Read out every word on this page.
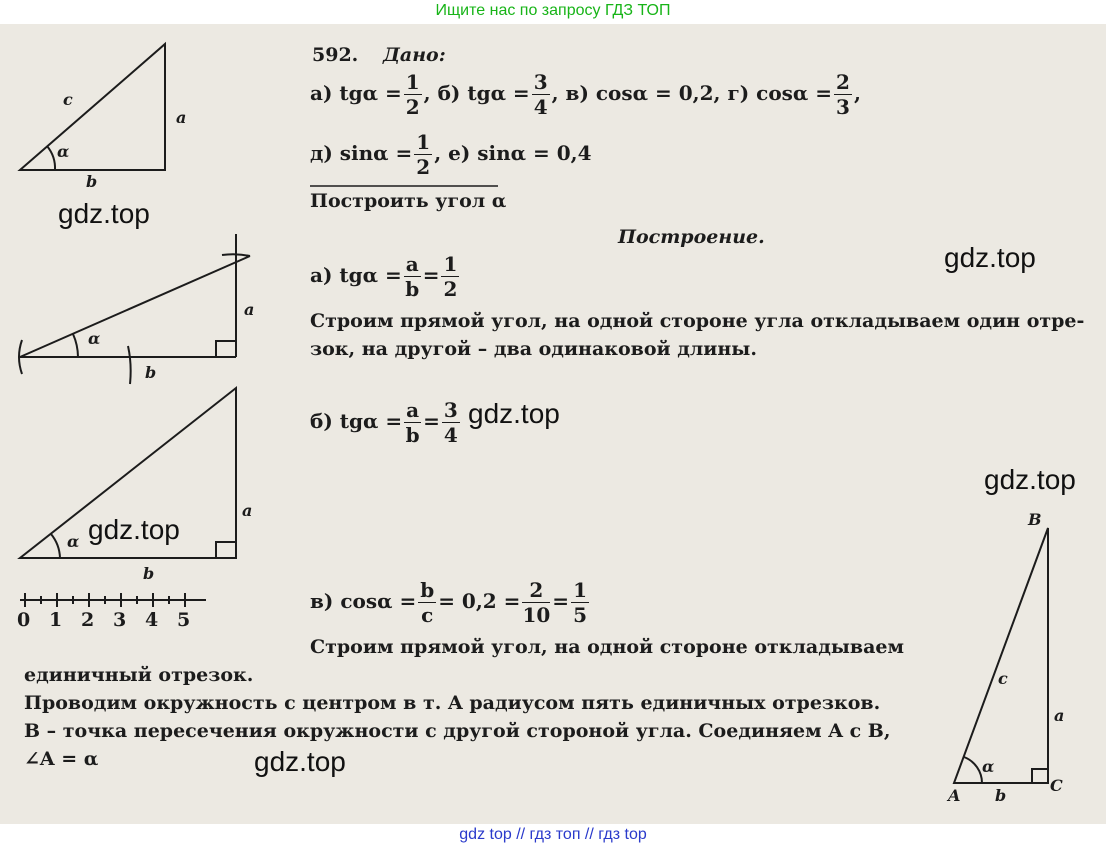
Ищите нас по запросу ГДЗ ТОП
c
a
b
α
a
b
α
a
b
α
0 1 2 3 4 5
B
c
a
α
A b
C
592. Дано:
а) $tg\alpha = \frac{1}{2}$ , б) $tg\alpha = \frac{3}{4}$ , в) cosα = 0,2, г) $\cos\alpha = \frac{2}{3}$ ,
д) $\sin\alpha = \frac{1}{2}$ , е) sinα = 0,4
Построить угол α
Построение.
а) $tg\alpha = \frac{a}{b} = \frac{1}{2}$
Строим прямой угол, на одной стороне угла откладываем один отре-
зок, на другой – два одинаковой длины.
б) $tg\alpha = \frac{a}{b} = \frac{3}{4}$
в) $\cos\alpha = \frac{b}{c} = 0,2 = \frac{2}{10} = \frac{1}{5}$
Строим прямой угол, на одной стороне откладываем
единичный отрезок.
Проводим окружность с центром в т. A радиусом пять единичных отрезков.
B – точка пересечения окружности с другой стороной угла. Соединяем A с B,
∠A = α
gdz.top
gdz.top
gdz.top
gdz.top
gdz.top
gdz.top
gdz top // гдз топ // гдз top
